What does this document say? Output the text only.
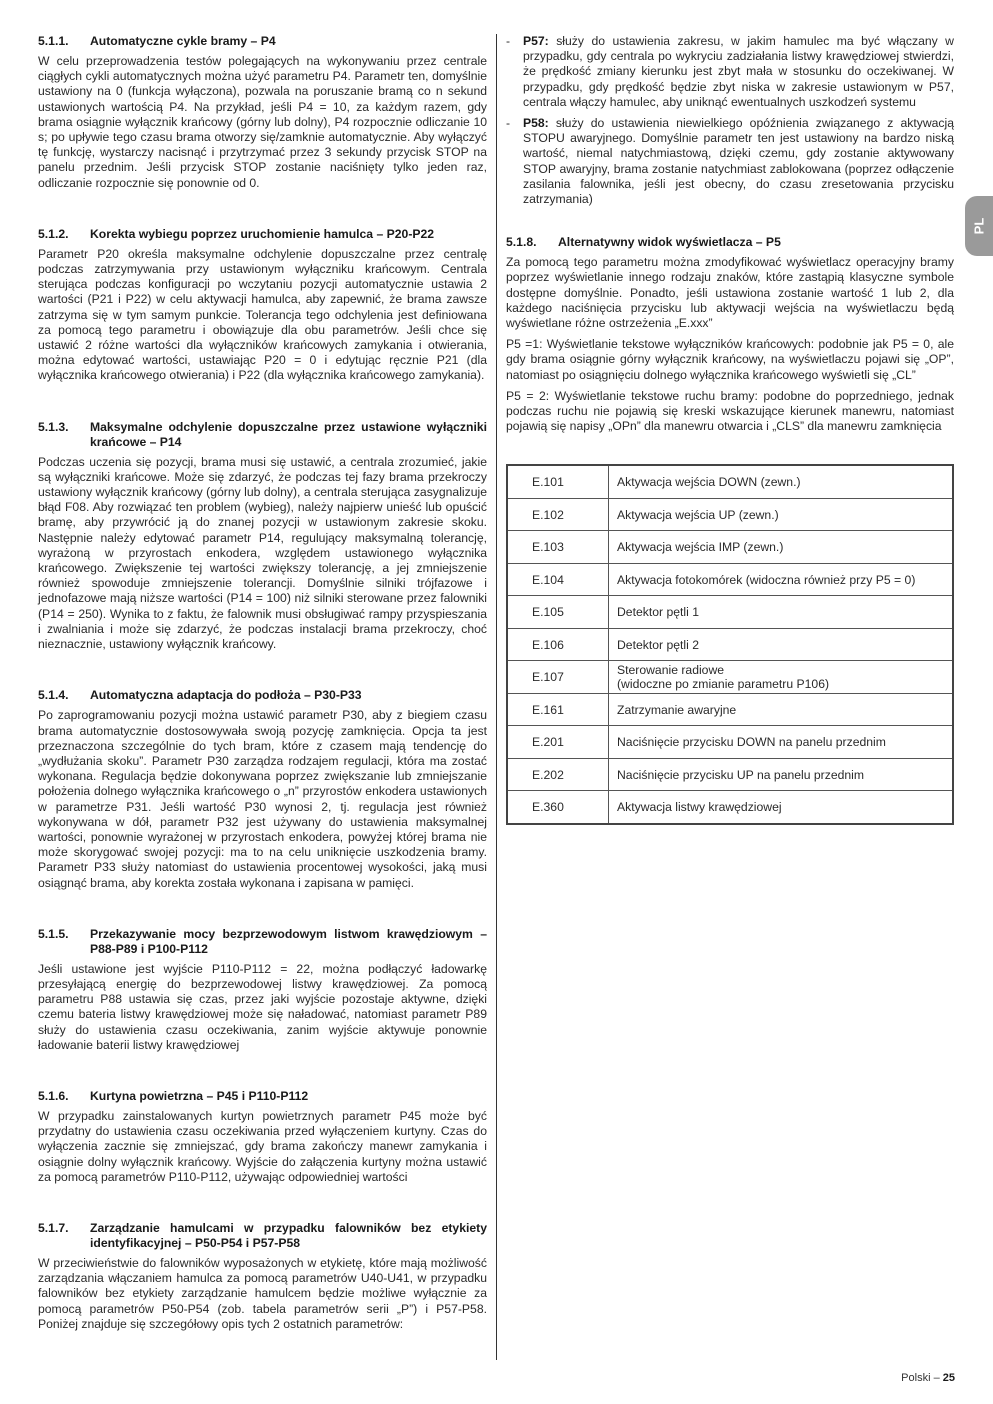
5.1.1.	Automatyczne cykle bramy – P4

W celu przeprowadzenia testów polegających na wykonywaniu przez centrale ciągłych cykli automatycznych można użyć parametru P4. Parametr ten, domyślnie ustawiony na 0 (funkcja wyłączona), pozwala na poruszanie bramą co n sekund ustawionych wartością P4. Na przykład, jeśli P4 = 10, za każdym razem, gdy brama osiągnie wyłącznik krańcowy (górny lub dolny), P4 rozpocznie odliczanie 10 s; po upływie tego czasu brama otworzy się/zamknie automatycznie. Aby wyłączyć tę funkcję, wystarczy nacisnąć i przytrzymać przez 3 sekundy przycisk STOP na panelu przednim. Jeśli przycisk STOP zostanie naciśnięty tylko jeden raz, odliczanie rozpocznie się ponownie od 0.

5.1.2.	Korekta wybiegu poprzez uruchomienie hamulca – P20-P22

Parametr P20 określa maksymalne odchylenie dopuszczalne przez centralę podczas zatrzymywania przy ustawionym wyłączniku krańcowym. Centrala sterująca podczas konfiguracji po wczytaniu pozycji automatycznie ustawia 2 wartości (P21 i P22) w celu aktywacji hamulca, aby zapewnić, że brama zawsze zatrzyma się w tym samym punkcie. Tolerancja tego odchylenia jest definiowana za pomocą tego parametru i obowiązuje dla obu parametrów. Jeśli chce się ustawić 2 różne wartości dla wyłączników krańcowych zamykania i otwierania, można edytować wartości, ustawiając P20 = 0 i edytując ręcznie P21 (dla wyłącznika krańcowego otwierania) i P22 (dla wyłącznika krańcowego zamykania).

5.1.3.	Maksymalne odchylenie dopuszczalne przez ustawione wyłączniki krańcowe – P14

Podczas uczenia się pozycji, brama musi się ustawić, a centrala zrozumieć, jakie są wyłączniki krańcowe. Może się zdarzyć, że podczas tej fazy brama przekroczy ustawiony wyłącznik krańcowy (górny lub dolny), a centrala sterująca zasygnalizuje błąd F08. Aby rozwiązać ten problem (wybieg), należy najpierw unieść lub opuścić bramę, aby przywrócić ją do znanej pozycji w ustawionym zakresie skoku. Następnie należy edytować parametr P14, regulujący maksymalną tolerancję, wyrażoną w przyrostach enkodera, względem ustawionego wyłącznika krańcowego. Zwiększenie tej wartości zwiększy tolerancję, a jej zmniejszenie również spowoduje zmniejszenie tolerancji. Domyślnie silniki trójfazowe i jednofazowe mają niższe wartości (P14 = 100) niż silniki sterowane przez falowniki (P14 = 250). Wynika to z faktu, że falownik musi obsługiwać rampy przyspieszania i zwalniania i może się zdarzyć, że podczas instalacji brama przekroczy, choć nieznacznie, ustawiony wyłącznik krańcowy.

5.1.4.	Automatyczna adaptacja do podłoża – P30-P33

Po zaprogramowaniu pozycji można ustawić parametr P30, aby z biegiem czasu brama automatycznie dostosowywała swoją pozycję zamknięcia. Opcja ta jest przeznaczona szczególnie do tych bram, które z czasem mają tendencję do „wydłużania skoku”. Parametr P30 zarządza rodzajem regulacji, która ma zostać wykonana. Regulacja będzie dokonywana poprzez zwiększanie lub zmniejszanie położenia dolnego wyłącznika krańcowego o „n” przyrostów enkodera ustawionych w parametrze P31. Jeśli wartość P30 wynosi 2, tj. regulacja jest również wykonywana w dół, parametr P32 jest używany do ustawienia maksymalnej wartości, ponownie wyrażonej w przyrostach enkodera, powyżej której brama nie może skorygować swojej pozycji: ma to na celu uniknięcie uszkodzenia bramy. Parametr P33 służy natomiast do ustawienia procentowej wysokości, jaką musi osiągnąć brama, aby korekta została wykonana i zapisana w pamięci.

5.1.5.	Przekazywanie mocy bezprzewodowym listwom krawędziowym – P88-P89 i P100-P112

Jeśli ustawione jest wyjście P110-P112 = 22, można podłączyć ładowarkę przesyłającą energię do bezprzewodowej listwy krawędziowej. Za pomocą parametru P88 ustawia się czas, przez jaki wyjście pozostaje aktywne, dzięki czemu bateria listwy krawędziowej może się naładować, natomiast parametr P89 służy do ustawienia czasu oczekiwania, zanim wyjście aktywuje ponownie ładowanie baterii listwy krawędziowej

5.1.6.	Kurtyna powietrzna – P45 i P110-P112

W przypadku zainstalowanych kurtyn powietrznych parametr P45 może być przydatny do ustawienia czasu oczekiwania przed wyłączeniem kurtyny. Czas do wyłączenia zacznie się zmniejszać, gdy brama zakończy manewr zamykania i osiągnie dolny wyłącznik krańcowy. Wyjście do załączenia kurtyny można ustawić za pomocą parametrów P110-P112, używając odpowiedniej wartości

5.1.7.	Zarządzanie hamulcami w przypadku falowników bez etykiety identyfikacyjnej – P50-P54 i P57-P58

W przeciwieństwie do falowników wyposażonych w etykietę, które mają możliwość zarządzania włączaniem hamulca za pomocą parametrów U40-U41, w przypadku falowników bez etykiety zarządzanie hamulcem będzie możliwe wyłącznie za pomocą parametrów P50-P54 (zob. tabela parametrów serii „P”) i P57-P58. Poniżej znajduje się szczegółowy opis tych 2 ostatnich parametrów:

-	P57: służy do ustawienia zakresu, w jakim hamulec ma być włączany w przypadku, gdy centrala po wykryciu zadziałania listwy krawędziowej stwierdzi, że prędkość zmiany kierunku jest zbyt mała w stosunku do oczekiwanej. W przypadku, gdy prędkość będzie zbyt niska w zakresie ustawionym w P57, centrala włączy hamulec, aby uniknąć ewentualnych uszkodzeń systemu
-	P58: służy do ustawienia niewielkiego opóźnienia związanego z aktywacją STOPU awaryjnego. Domyślnie parametr ten jest ustawiony na bardzo niską wartość, niemal natychmiastową, dzięki czemu, gdy zostanie aktywowany STOP awaryjny, brama zostanie natychmiast zablokowana (poprzez odłączenie zasilania falownika, jeśli jest obecny, do czasu zresetowania przycisku zatrzymania)
5.1.8.	Alternatywny widok wyświetlacza – P5

Za pomocą tego parametru można zmodyfikować wyświetlacz operacyjny bramy poprzez wyświetlanie innego rodzaju znaków, które zastąpią klasyczne symbole dostępne domyślnie. Ponadto, jeśli ustawiona zostanie wartość 1 lub 2, dla każdego naciśnięcia przycisku lub aktywacji wejścia na wyświetlaczu będą wyświetlane różne ostrzeżenia „E.xxx”

P5 =1: Wyświetlanie tekstowe wyłączników krańcowych: podobnie jak P5 = 0, ale gdy brama osiągnie górny wyłącznik krańcowy, na wyświetlaczu pojawi się „OP”, natomiast po osiągnięciu dolnego wyłącznika krańcowego wyświetli się „CL”

P5 = 2: Wyświetlanie tekstowe ruchu bramy: podobne do poprzedniego, jednak podczas ruchu nie pojawią się kreski wskazujące kierunek manewru, natomiast pojawią się napisy „OPn” dla manewru otwarcia i „CLS” dla manewru zamknięcia

E.101	Aktywacja wejścia DOWN (zewn.)
E.102	Aktywacja wejścia UP (zewn.)
E.103	Aktywacja wejścia IMP (zewn.)
E.104	Aktywacja fotokomórek (widoczna również przy P5 = 0)
E.105	Detektor pętli 1
E.106	Detektor pętli 2
E.107	Sterowanie radiowe
(widoczne po zmianie parametru P106)

E.161	Zatrzymanie awaryjne
E.201	Naciśnięcie przycisku DOWN na panelu przednim
E.202	Naciśnięcie przycisku UP na panelu przednim
E.360	Aktywacja listwy krawędziowej
PL
Polski – 25
